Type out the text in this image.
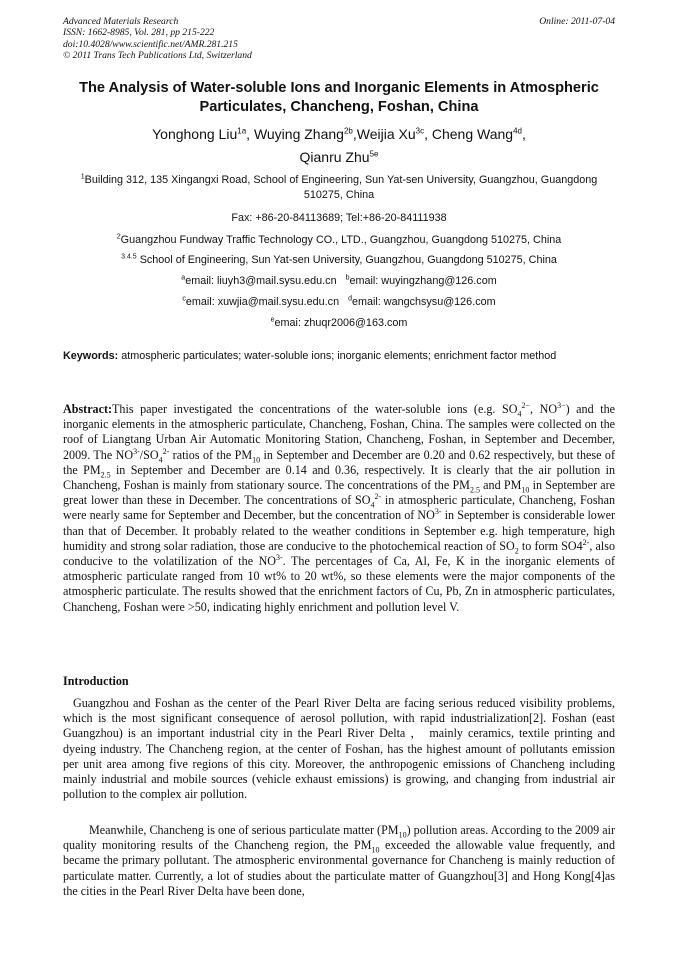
Advanced Materials Research
ISSN: 1662-8985, Vol. 281, pp 215-222
doi:10.4028/www.scientific.net/AMR.281.215
© 2011 Trans Tech Publications Ltd, Switzerland
Online: 2011-07-04
The Analysis of Water-soluble Ions and Inorganic Elements in Atmospheric Particulates, Chancheng, Foshan, China
Yonghong Liu$^{1a}$, Wuying Zhang$^{2b}$,Weijia $Xu^{3c}$, Cheng Wang$^{4d}$,
Qianru Zhu$^{5e}$
$^1$Building 312, 135 Xingangxi Road, School of Engineering, Sun Yat-sen University, Guangzhou, Guangdong 510275, China
Fax: +86-20-84113689; Tel:+86-20-84111938
$^2$Guangzhou Fundway Traffic Technology CO., LTD., Guangzhou, Guangdong 510275, China
$^{3.4.5}$ School of Engineering, Sun Yat-sen University, Guangzhou, Guangdong 510275, China
$^a$email: liuyh3@mail.sysu.edu.cn $^b$email: wuyingzhang@126.com
$^c$email: xuwjia@mail.sysu.edu.cn $^d$email: wangchsysu@126.com
$^e$emai: zhuqr2006@163.com
Keywords: atmospheric particulates; water-soluble ions; inorganic elements; enrichment factor method
Abstract:This paper investigated the concentrations of the water-soluble ions (e.g. $SO_4^{2-}$, $NO^{3-}$) and the inorganic elements in the atmospheric particulate, Chancheng, Foshan, China. The samples were collected on the roof of Liangtang Urban Air Automatic Monitoring Station, Chancheng, Foshan, in September and December, 2009. The $NO^{3-}/SO_4^{2-}$ ratios of the $PM_{10}$ in September and December are 0.20 and 0.62 respectively, but these of the $PM_{2.5}$ in September and December are 0.14 and 0.36, respectively. It is clearly that the air pollution in Chancheng, Foshan is mainly from stationary source. The concentrations of the $PM_{2.5}$ and $PM_{10}$ in September are great lower than these in December. The concentrations of $SO_4^{2-}$ in atmospheric particulate, Chancheng, Foshan were nearly same for September and December, but the concentration of $NO^{3-}$ in September is considerable lower than that of December. It probably related to the weather conditions in September e.g. high temperature, high humidity and strong solar radiation, those are conducive to the photochemical reaction of $SO_2$ to form $SO4^{2-}$, also conducive to the volatilization of the $NO^{3-}$. The percentages of Ca, Al, Fe, K in the inorganic elements of atmospheric particulate ranged from 10 wt% to 20 wt%, so these elements were the major components of the atmospheric particulate. The results showed that the enrichment factors of Cu, Pb, Zn in atmospheric particulates, Chancheng, Foshan were >50, indicating highly enrichment and pollution level V.
Introduction
Guangzhou and Foshan as the center of the Pearl River Delta are facing serious reduced visibility problems, which is the most significant consequence of aerosol pollution, with rapid industrialization[2]. Foshan (east Guangzhou) is an important industrial city in the Pearl River Delta ， mainly ceramics, textile printing and dyeing industry. The Chancheng region, at the center of Foshan, has the highest amount of pollutants emission per unit area among five regions of this city. Moreover, the anthropogenic emissions of Chancheng including mainly industrial and mobile sources (vehicle exhaust emissions) is growing, and changing from industrial air pollution to the complex air pollution.
Meanwhile, Chancheng is one of serious particulate matter $(PM_{10})$ pollution areas. According to the 2009 air quality monitoring results of the Chancheng region, the $PM_{10}$ exceeded the allowable value frequently, and became the primary pollutant. The atmospheric environmental governance for Chancheng is mainly reduction of particulate matter. Currently, a lot of studies about the particulate matter of Guangzhou[3] and Hong Kong[4]as the cities in the Pearl River Delta have been done,
